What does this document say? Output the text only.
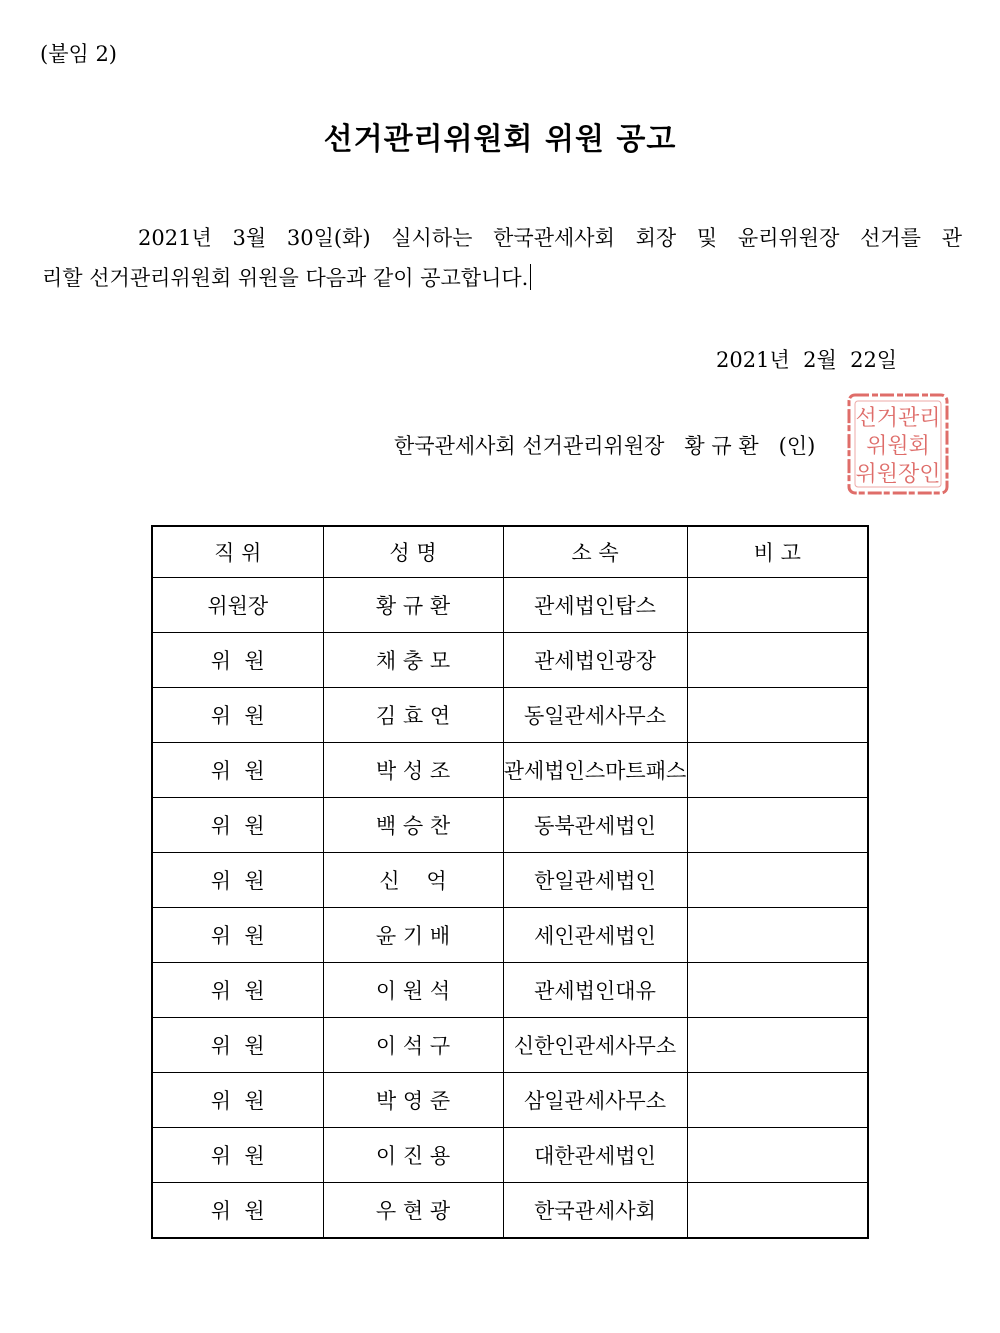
(붙임 2)
선거관리위원회 위원 공고
2021년 3월 30일(화) 실시하는 한국관세사회 회장 및 윤리위원장 선거를 관
리할 선거관리위원회 위원을 다음과 같이 공고합니다.
2021년  2월  22일
한국관세사회 선거관리위원장   황 규 환   (인)
선거관리
위원회
위원장인
직 위	성 명	소 속	비 고
위원장	황 규 환	관세법인탑스	
위  원	채 충 모	관세법인광장	
위  원	김 효 연	동일관세사무소	
위  원	박 성 조	관세법인스마트패스	
위  원	백 승 찬	동북관세법인	
위  원	신    억	한일관세법인	
위  원	윤 기 배	세인관세법인	
위  원	이 원 석	관세법인대유	
위  원	이 석 구	신한인관세사무소	
위  원	박 영 준	삼일관세사무소	
위  원	이 진 용	대한관세법인	
위  원	우 현 광	한국관세사회	
